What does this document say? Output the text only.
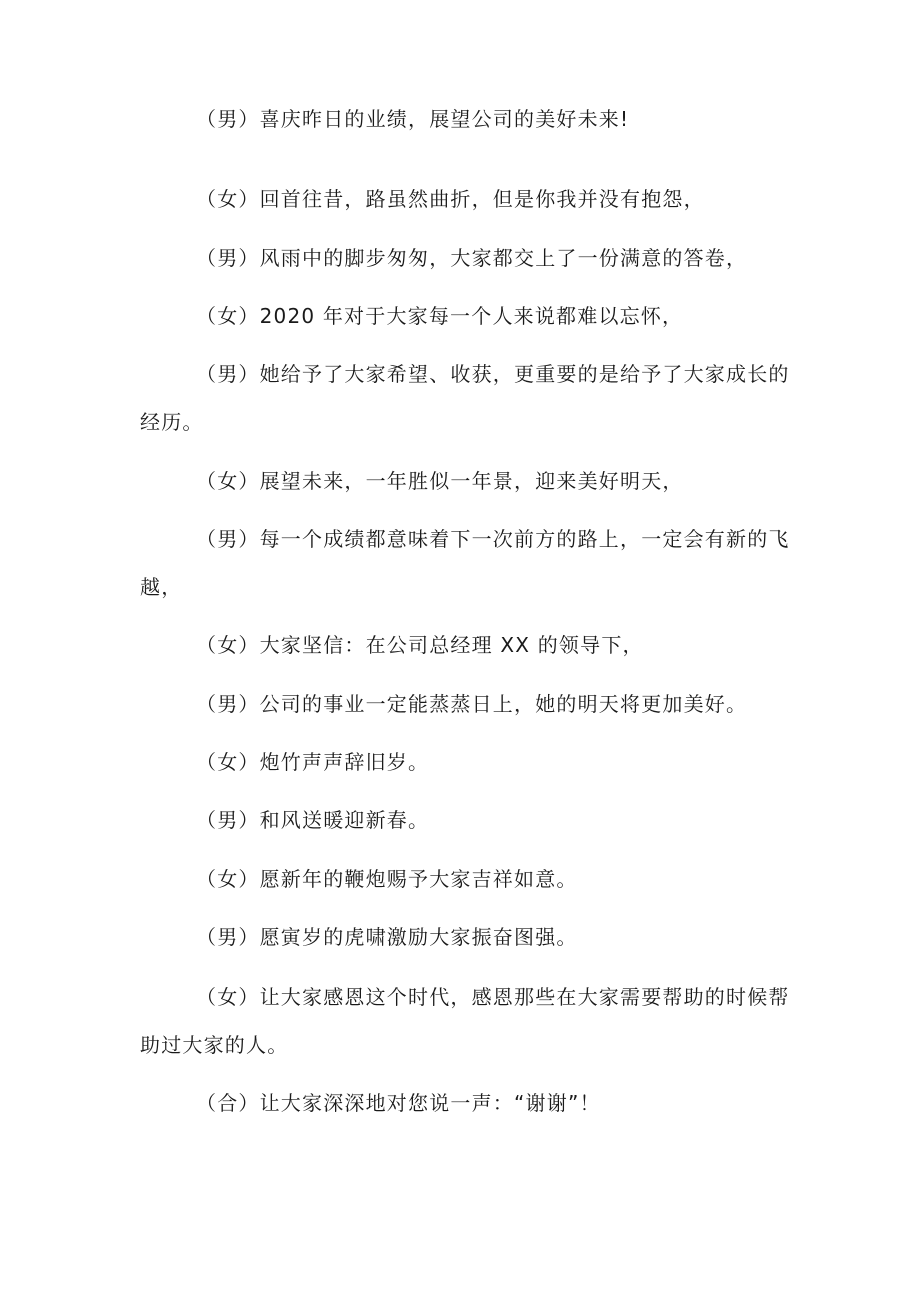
（男）喜庆昨日的业绩，展望公司的美好未来!

（女）回首往昔，路虽然曲折，但是你我并没有抱怨，

（男）风雨中的脚步匆匆，大家都交上了一份满意的答卷，

（女）2020 年对于大家每一个人来说都难以忘怀，

（男）她给予了大家希望、收获，更重要的是给予了大家成长的经历。

（女）展望未来，一年胜似一年景，迎来美好明天，

（男）每一个成绩都意味着下一次前方的路上，一定会有新的飞越，

（女）大家坚信：在公司总经理 XX 的领导下，

（男）公司的事业一定能蒸蒸日上，她的明天将更加美好。

（女）炮竹声声辞旧岁。

（男）和风送暖迎新春。

（女）愿新年的鞭炮赐予大家吉祥如意。

（男）愿寅岁的虎啸激励大家振奋图强。

（女）让大家感恩这个时代，感恩那些在大家需要帮助的时候帮助过大家的人。

（合）让大家深深地对您说一声：“谢谢”！
